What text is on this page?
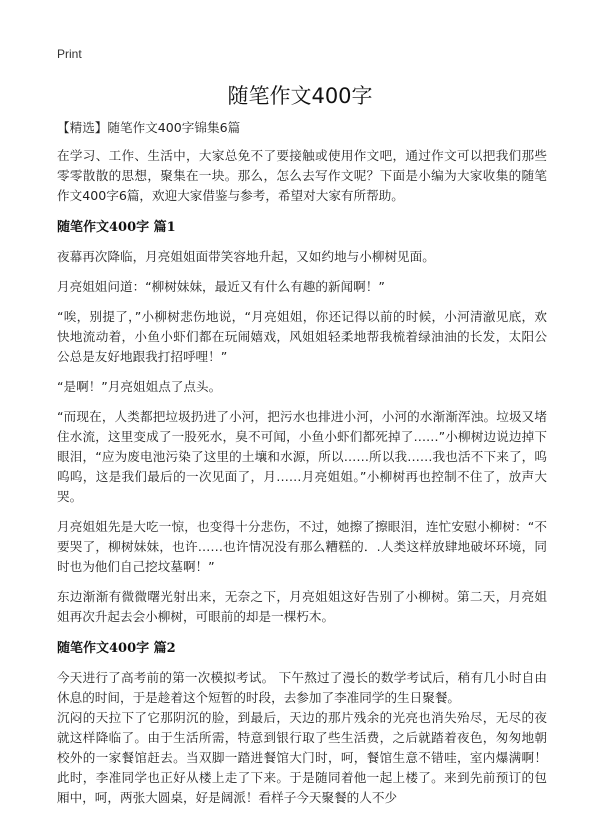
Print
随笔作文400字

【精选】随笔作文400字锦集6篇

在学习、工作、生活中，大家总免不了要接触或使用作文吧，通过作文可以把我们那些零零散散的思想，聚集在一块。那么，怎么去写作文呢？下面是小编为大家收集的随笔作文400字6篇，欢迎大家借鉴与参考，希望对大家有所帮助。

随笔作文400字 篇1

夜幕再次降临，月亮姐姐面带笑容地升起，又如约地与小柳树见面。

月亮姐姐问道：“柳树妹妹，最近又有什么有趣的新闻啊！”

“唉，别提了，”小柳树悲伤地说，“月亮姐姐，你还记得以前的时候，小河清澈见底，欢快地流动着，小鱼小虾们都在玩闹嬉戏，风姐姐轻柔地帮我梳着绿油油的长发，太阳公公总是友好地跟我打招呼哩！”

“是啊！”月亮姐姐点了点头。

“而现在，人类都把垃圾扔进了小河，把污水也排进小河，小河的水渐渐浑浊。垃圾又堵住水流，这里变成了一股死水，臭不可闻，小鱼小虾们都死掉了……”小柳树边说边掉下眼泪，“应为废电池污染了这里的土壤和水源，所以……所以我……我也活不下来了，呜呜呜，这是我们最后的一次见面了，月……月亮姐姐。”小柳树再也控制不住了，放声大哭。

月亮姐姐先是大吃一惊，也变得十分悲伤，不过，她擦了擦眼泪，连忙安慰小柳树：“不要哭了，柳树妹妹，也许……也许情况没有那么糟糕的．.人类这样放肆地破坏环境，同时也为他们自己挖坟墓啊！”

东边渐渐有微微曙光射出来，无奈之下，月亮姐姐这好告别了小柳树。第二天，月亮姐姐再次升起去会小柳树，可眼前的却是一棵朽木。

随笔作文400字 篇2

今天进行了高考前的第一次模拟考试。 下午熬过了漫长的数学考试后，稍有几小时自由休息的时间，于是趁着这个短暂的时段，去参加了李准同学的生日聚餐。

沉闷的天拉下了它那阴沉的脸，到最后，天边的那片残余的光亮也消失殆尽，无尽的夜就这样降临了。由于生活所需，特意到银行取了些生活费，之后就踏着夜色，匆匆地朝校外的一家餐馆赶去。当双脚一踏进餐馆大门时，呵，餐馆生意不错哇，室内爆满啊！此时，李准同学也正好从楼上走了下来。于是随同着他一起上楼了。来到先前预订的包厢中，呵，两张大圆桌，好是阔派！看样子今天聚餐的人不少
